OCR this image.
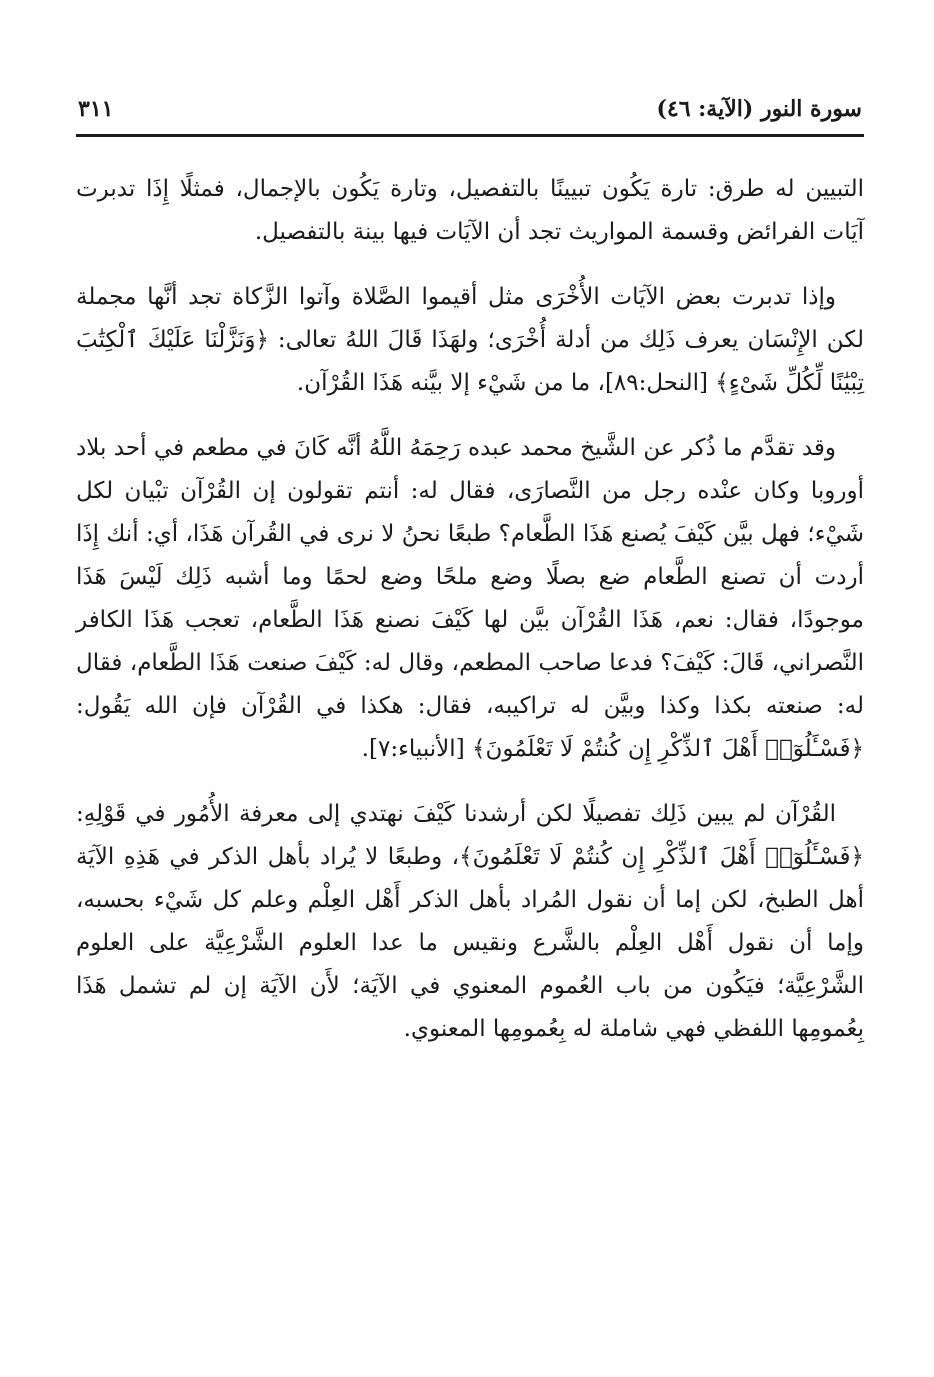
سورة النور (الآية: ٤٦)
٣١١

التبيين له طرق: تارة يَكُون تبيينًا بالتفصيل، وتارة يَكُون بالإجمال، فمثلًا إِذَا تدبرت آيَات الفرائض وقسمة المواريث تجد أن الآيَات فيها بينة بالتفصيل.

وإذا تدبرت بعض الآيَات الأُخْرَى مثل أقيموا الصَّلاة وآتوا الزَّكاة تجد أنَّها مجملة لكن الإِنْسَان يعرف ذَلِك من أدلة أُخْرَى؛ ولهَذَا قَالَ اللهُ تعالى: ﴿وَنَزَّلْنَا عَلَيْكَ ٱلْكِتَٰبَ تِبْيَٰنًا لِّكُلِّ شَىْءٍ﴾ [النحل:٨٩]، ما من شَيْء إلا بيَّنه هَذَا القُرْآن.

وقد تقدَّم ما ذُكر عن الشَّيخ محمد عبده رَحِمَهُ اللَّهُ أنَّه كَانَ في مطعم في أحد بلاد أوروبا وكان عنْده رجل من النَّصارَى، فقال له: أنتم تقولون إن القُرْآن تبْيان لكل شَيْء؛ فهل بيَّن كَيْفَ يُصنع هَذَا الطَّعام؟ طبعًا نحنُ لا نرى في القُرآن هَذَا، أي: أنك إِذَا أردت أن تصنع الطَّعام ضع بصلًا وضع ملحًا وضع لحمًا وما أشبه ذَلِك لَيْسَ هَذَا موجودًا، فقال: نعم، هَذَا القُرْآن بيَّن لها كَيْفَ نصنع هَذَا الطَّعام، تعجب هَذَا الكافر النَّصراني، قَالَ: كَيْفَ؟ فدعا صاحب المطعم، وقال له: كَيْفَ صنعت هَذَا الطَّعام، فقال له: صنعته بكذا وكذا وبيَّن له تراكيبه، فقال: هكذا في القُرْآن فإن الله يَقُول: ﴿فَسْـَٔلُوٓا۟ أَهْلَ ٱلذِّكْرِ إِن كُنتُمْ لَا تَعْلَمُونَ﴾ [الأنبياء:٧].

القُرْآن لم يبين ذَلِك تفصيلًا لكن أرشدنا كَيْفَ نهتدي إلى معرفة الأُمُور في قَوْلِهِ: ﴿فَسْـَٔلُوٓا۟ أَهْلَ ٱلذِّكْرِ إِن كُنتُمْ لَا تَعْلَمُونَ﴾، وطبعًا لا يُراد بأهل الذكر في هَذِهِ الآيَة أهل الطبخ، لكن إما أن نقول المُراد بأهل الذكر أَهْل العِلْم وعلم كل شَيْء بحسبه، وإما أن نقول أَهْل العِلْم بالشَّرع ونقيس ما عدا العلوم الشَّرْعِيَّة على العلوم الشَّرْعِيَّة؛ فيَكُون من باب العُموم المعنوي في الآيَة؛ لأَن الآيَة إن لم تشمل هَذَا بِعُمومِها اللفظي فهي شاملة له بِعُمومِها المعنوي.
